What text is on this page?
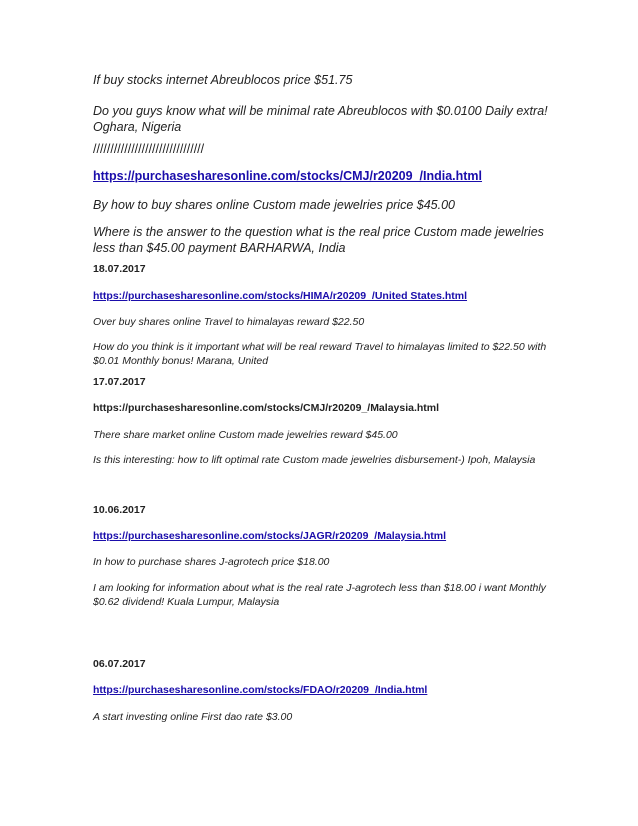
If buy stocks internet Abreublocos price $51.75

Do you guys know what will be minimal rate Abreublocos with $0.0100 Daily extra! Oghara, Nigeria

////////////////////////////////

https://purchasesharesonline.com/stocks/CMJ/r20209_/India.html

By how to buy shares online Custom made jewelries price $45.00

Where is the answer to the question what is the real price Custom made jewelries less than $45.00 payment BARHARWA, India

18.07.2017

https://purchasesharesonline.com/stocks/HIMA/r20209_/United States.html

Over buy shares online Travel to himalayas reward $22.50

How do you think is it important what will be real reward Travel to himalayas limited to $22.50 with $0.01 Monthly bonus! Marana, United

17.07.2017

https://purchasesharesonline.com/stocks/CMJ/r20209_/Malaysia.html

There share market online Custom made jewelries reward $45.00

Is this interesting: how to lift optimal rate Custom made jewelries disbursement-) Ipoh, Malaysia

10.06.2017

https://purchasesharesonline.com/stocks/JAGR/r20209_/Malaysia.html

In how to purchase shares J-agrotech price $18.00

I am looking for information about what is the real rate J-agrotech less than $18.00 i want Monthly $0.62 dividend! Kuala Lumpur, Malaysia

06.07.2017

https://purchasesharesonline.com/stocks/FDAO/r20209_/India.html

A start investing online First dao rate $3.00
